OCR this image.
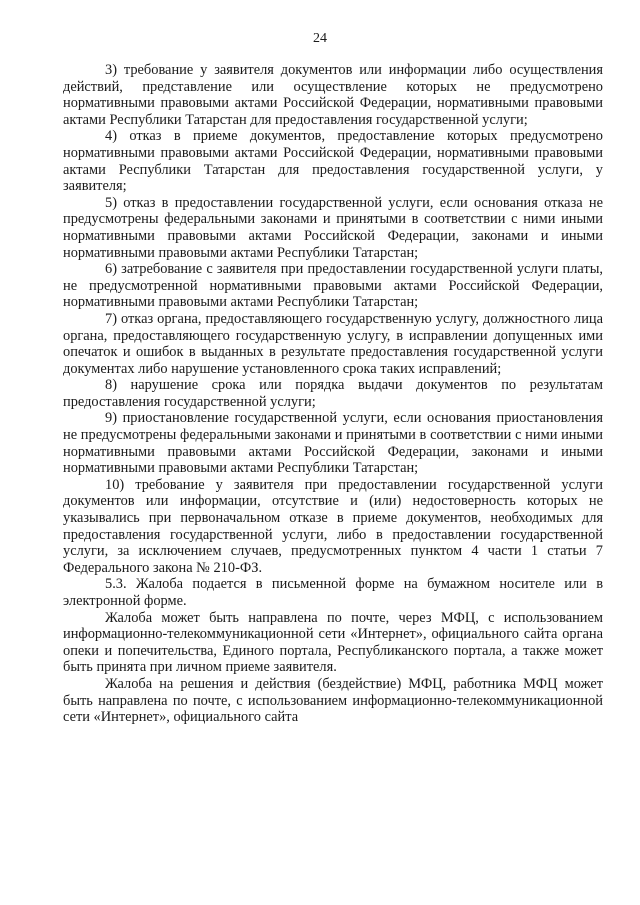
24

3) требование у заявителя документов или информации либо осуществления действий, представление или осуществление которых не предусмотрено нормативными правовыми актами Российской Федерации, нормативными правовыми актами Республики Татарстан для предоставления государственной услуги;

4) отказ в приеме документов, предоставление которых предусмотрено нормативными правовыми актами Российской Федерации, нормативными правовыми актами Республики Татарстан для предоставления государственной услуги, у заявителя;

5) отказ в предоставлении государственной услуги, если основания отказа не предусмотрены федеральными законами и принятыми в соответствии с ними иными нормативными правовыми актами Российской Федерации, законами и иными нормативными правовыми актами Республики Татарстан;

6) затребование с заявителя при предоставлении государственной услуги платы, не предусмотренной нормативными правовыми актами Российской Федерации, нормативными правовыми актами Республики Татарстан;

7) отказ органа, предоставляющего государственную услугу, должностного лица органа, предоставляющего государственную услугу, в исправлении допущенных ими опечаток и ошибок в выданных в результате предоставления государственной услуги документах либо нарушение установленного срока таких исправлений;

8) нарушение срока или порядка выдачи документов по результатам предоставления государственной услуги;

9) приостановление государственной услуги, если основания приостановления не предусмотрены федеральными законами и принятыми в соответствии с ними иными нормативными правовыми актами Российской Федерации, законами и иными нормативными правовыми актами Республики Татарстан;

10) требование у заявителя при предоставлении государственной услуги документов или информации, отсутствие и (или) недостоверность которых не указывались при первоначальном отказе в приеме документов, необходимых для предоставления государственной услуги, либо в предоставлении государственной услуги, за исключением случаев, предусмотренных пунктом 4 части 1 статьи 7 Федерального закона № 210-ФЗ.

5.3. Жалоба подается в письменной форме на бумажном носителе или в электронной форме.

Жалоба может быть направлена по почте, через МФЦ, с использованием информационно-телекоммуникационной сети «Интернет», официального сайта органа опеки и попечительства, Единого портала, Республиканского портала, а также может быть принята при личном приеме заявителя.

Жалоба на решения и действия (бездействие) МФЦ, работника МФЦ может быть направлена по почте, с использованием информационно-телекоммуникационной сети «Интернет», официального сайта
